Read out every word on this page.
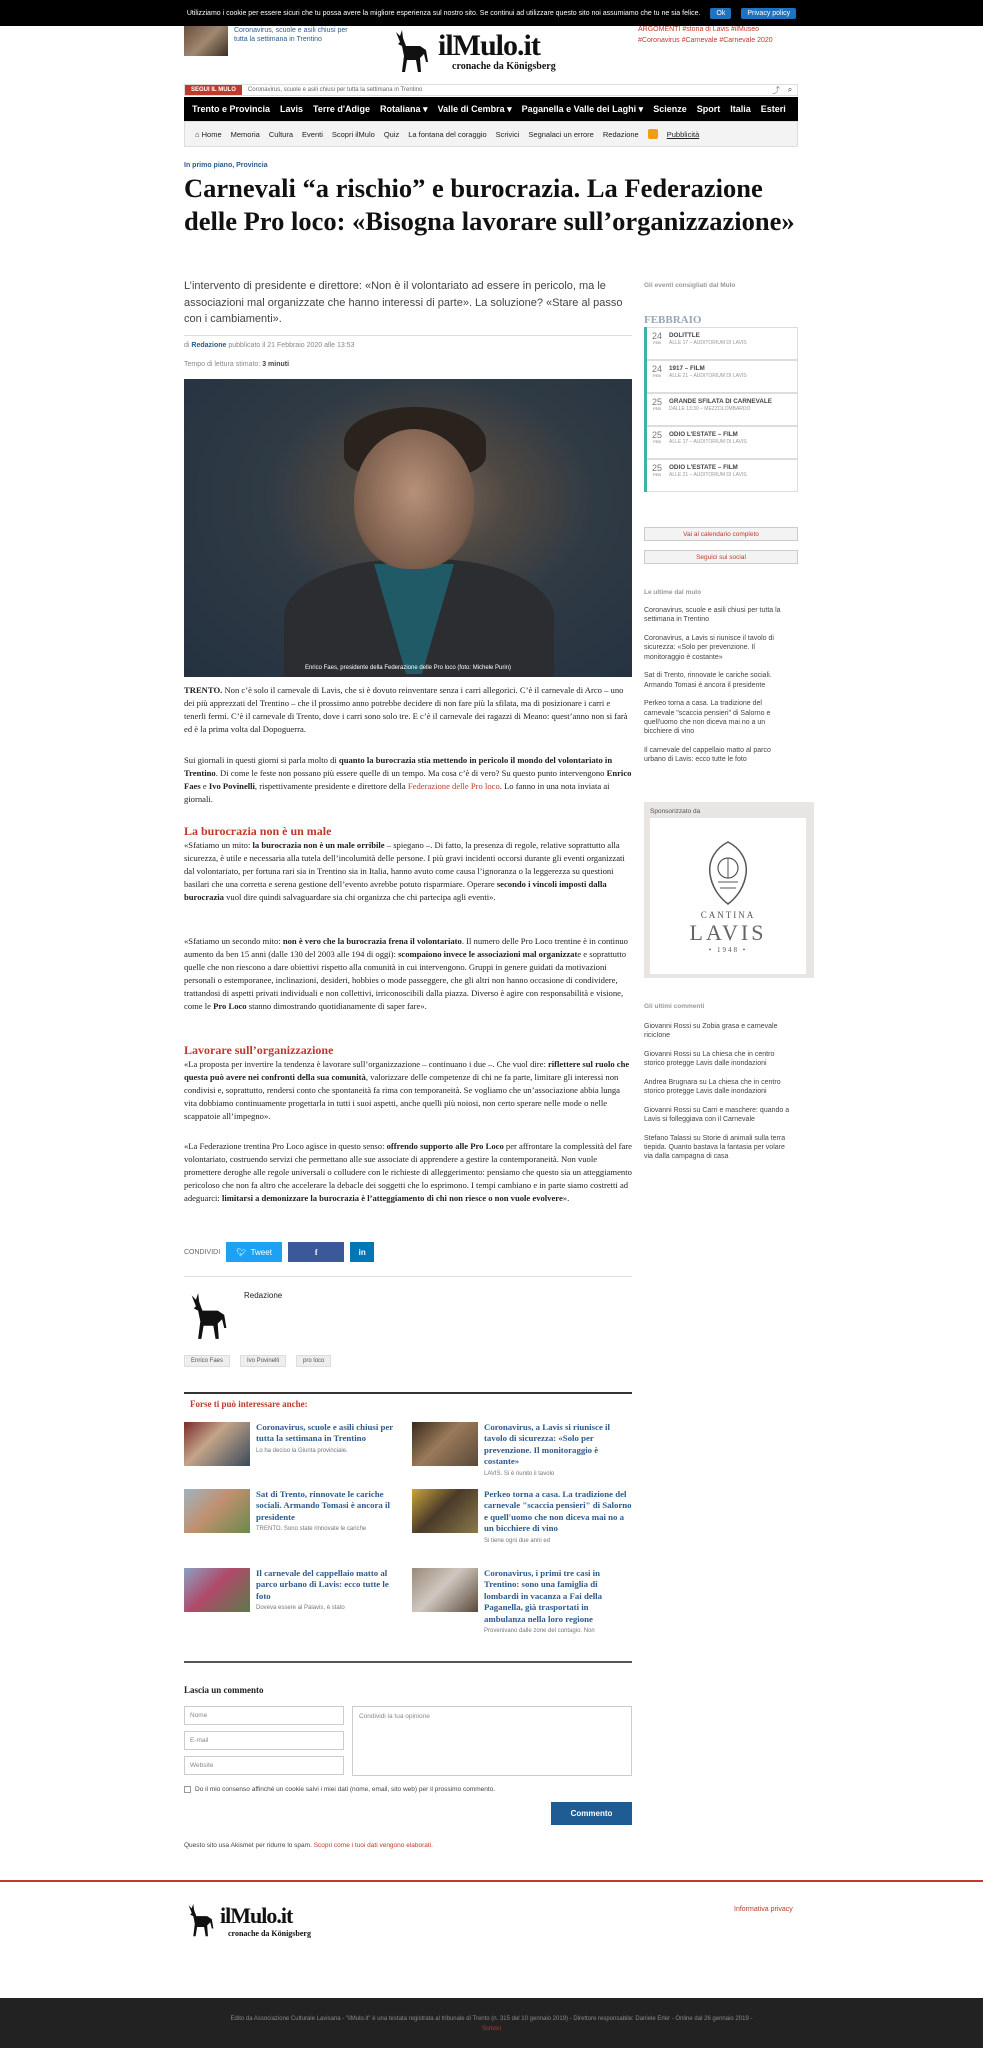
Utilizziamo i cookie per essere sicuri che tu possa avere la migliore esperienza sul nostro sito. Se continui ad utilizzare questo sito noi assumiamo che tu ne sia felice.	Ok	Privacy policy
Coronavirus, scuole e asili chiusi per tutta la settimana in Trentino	ilMulo.it
cronache da Königsberg
ARGOMENTI #storia di Lavis #ilMuseo
#Coronavirus #Carnevale #Carnevale 2020
SEGUI IL MULO	Coronavirus, scuole e asili chiusi per tutta la settimana in Trentino	⤴ ⌕
Trento e Provincia Lavis Terre d'Adige Rotaliana ▾ Valle di Cembra ▾ Paganella e Valle dei Laghi ▾ Scienze Sport Italia Esteri
⌂ Home Memoria Cultura Eventi Scopri ilMulo Quiz La fontana del coraggio Scrivici Segnalaci un errore Redazione	Pubblicità
In primo piano, Provincia
Carnevali “a rischio” e burocrazia. La Federazione delle Pro loco: «Bisogna lavorare sull’organizzazione»

L’intervento di presidente e direttore: «Non è il volontariato ad essere in pericolo, ma le associazioni mal organizzate che hanno interessi di parte». La soluzione? «Stare al passo con i cambiamenti».

di Redazione pubblicato il 21 Febbraio 2020 alle 13:53
Tempo di lettura stimato: 3 minuti
Enrico Faes, presidente della Federazione delle Pro loco (foto: Michele Purin)

TRENTO. Non c’è solo il carnevale di Lavis, che si è dovuto reinventare senza i carri allegorici. C’è il carnevale di Arco – uno dei più apprezzati del Trentino – che il prossimo anno potrebbe decidere di non fare più la sfilata, ma di posizionare i carri e tenerli fermi. C’è il carnevale di Trento, dove i carri sono solo tre. E c’è il carnevale dei ragazzi di Meano: quest’anno non si farà ed è la prima volta dal Dopoguerra.

Sui giornali in questi giorni si parla molto di quanto la burocrazia stia mettendo in pericolo il mondo del volontariato in Trentino. Di come le feste non possano più essere quelle di un tempo. Ma cosa c’è di vero? Su questo punto intervengono Enrico Faes e Ivo Povinelli, rispettivamente presidente e direttore della Federazione delle Pro loco. Lo fanno in una nota inviata ai giornali.

La burocrazia non è un male

«Sfatiamo un mito: la burocrazia non è un male orribile – spiegano –. Di fatto, la presenza di regole, relative soprattutto alla sicurezza, è utile e necessaria alla tutela dell’incolumità delle persone. I più gravi incidenti occorsi durante gli eventi organizzati dal volontariato, per fortuna rari sia in Trentino sia in Italia, hanno avuto come causa l’ignoranza o la leggerezza su questioni basilari che una corretta e serena gestione dell’evento avrebbe potuto risparmiare. Operare secondo i vincoli imposti dalla burocrazia vuol dire quindi salvaguardare sia chi organizza che chi partecipa agli eventi».

«Sfatiamo un secondo mito: non è vero che la burocrazia frena il volontariato. Il numero delle Pro Loco trentine è in continuo aumento da ben 15 anni (dalle 130 del 2003 alle 194 di oggi): scompaiono invece le associazioni mal organizzate e soprattutto quelle che non riescono a dare obiettivi rispetto alla comunità in cui intervengono. Gruppi in genere guidati da motivazioni personali o estemporanee, inclinazioni, desideri, hobbies o mode passeggere, che gli altri non hanno occasione di condividere, trattandosi di aspetti privati individuali e non collettivi, irriconoscibili dalla piazza. Diverso è agire con responsabilità e visione, come le Pro Loco stanno dimostrando quotidianamente di saper fare».

Lavorare sull’organizzazione

«La proposta per invertire la tendenza è lavorare sull’organizzazione – continuano i due –. Che vuol dire: riflettere sul ruolo che questa può avere nei confronti della sua comunità, valorizzare delle competenze di chi ne fa parte, limitare gli interessi non condivisi e, soprattutto, rendersi conto che spontaneità fa rima con temporaneità. Se vogliamo che un’associazione abbia lunga vita dobbiamo continuamente progettarla in tutti i suoi aspetti, anche quelli più noiosi, non certo sperare nelle mode o nelle scappatoie all’impegno».

«La Federazione trentina Pro Loco agisce in questo senso: offrendo supporto alle Pro Loco per affrontare la complessità del fare volontariato, costruendo servizi che permettano alle sue associate di apprendere a gestire la contemporaneità. Non vuole promettere deroghe alle regole universali o colludere con le richieste di alleggerimento: pensiamo che questo sia un atteggiamento pericoloso che non fa altro che accelerare la debacle dei soggetti che lo esprimono. I tempi cambiano e in parte siamo costretti ad adeguarci: limitarsi a demonizzare la burocrazia è l’atteggiamento di chi non riesce o non vuole evolvere».

CONDIVIDI 🐦︎ Tweet	f	in
Redazione
Enrico Faes	Ivo Povinelli	pro loco
Forse ti può interessare anche:
Coronavirus, scuole e asili chiusi per tutta la settimana in Trentino
Lo ha deciso la Giunta provinciale.
Coronavirus, a Lavis si riunisce il tavolo di sicurezza: «Solo per prevenzione. Il monitoraggio è costante»
LAVIS. Si è riunito il tavolo
Sat di Trento, rinnovate le cariche sociali. Armando Tomasi è ancora il presidente
TRENTO. Sono state rinnovate le cariche
Perkeo torna a casa. La tradizione del carnevale "scaccia pensieri" di Salorno e quell'uomo che non diceva mai no a un bicchiere di vino
Si tiene ogni due anni ed
Il carnevale del cappellaio matto al parco urbano di Lavis: ecco tutte le foto
Doveva essere al Palavis, è stato
Coronavirus, i primi tre casi in Trentino: sono una famiglia di lombardi in vacanza a Fai della Paganella, già trasportati in ambulanza nella loro regione
Provenivano dalle zone del contagio. Non
Lascia un commento
Nome
E-mail
Website
Condividi la tua opinione
Do il mio consenso affinché un cookie salvi i miei dati (nome, email, sito web) per il prossimo commento.
Commento
Questo sito usa Akismet per ridurre lo spam. Scopri come i tuoi dati vengono elaborati.
Gli eventi consigliati dal Mulo
FEBBRAIO
24
FEB
DOLITTLE
ALLE 17 – AUDITORIUM DI LAVIS
24
FEB
1917 – FILM
ALLE 21 – AUDITORIUM DI LAVIS
25
FEB
GRANDE SFILATA DI CARNEVALE
DALLE 13:30 – MEZZOLOMBARDO
25
FEB
ODIO L'ESTATE – FILM
ALLE 17 – AUDITORIUM DI LAVIS
25
FEB
ODIO L'ESTATE – FILM
ALLE 21 – AUDITORIUM DI LAVIS
Vai al calendario completo
Seguici sui social
Le ultime dal mulo
Coronavirus, scuole e asili chiusi per tutta la settimana in Trentino
Coronavirus, a Lavis si riunisce il tavolo di sicurezza: «Solo per prevenzione. Il monitoraggio è costante»
Sat di Trento, rinnovate le cariche sociali. Armando Tomasi è ancora il presidente
Perkeo torna a casa. La tradizione del carnevale "scaccia pensieri" di Salorno e quell'uomo che non diceva mai no a un bicchiere di vino
Il carnevale del cappellaio matto al parco urbano di Lavis: ecco tutte le foto
Sponsorizzato da
CANTINA
LAVIS
• 1948 •
Gli ultimi commenti
Giovanni Rossi su Zobia grasa e carnevale ricicIone
Giovanni Rossi su La chiesa che in centro storico protegge Lavis dalle inondazioni
Andrea Brugnara su La chiesa che in centro storico protegge Lavis dalle inondazioni
Giovanni Rossi su Carri e maschere: quando a Lavis si folleggiava con il Carnevale
Stefano Talassi su Storie di animali sulla terra tiepida. Quanto bastava la fantasia per volare via dalla campagna di casa
ilMulo.it
cronache da Königsberg
Informativa privacy
Edito da Associazione Culturale Lavisana - "ilMulo.it" è una testata registrata al tribunale di Trento (n. 315 del 10 gennaio 2019) - Direttore responsabile: Daniele Erler - Online dal 26 gennaio 2019 -
Scrivici
